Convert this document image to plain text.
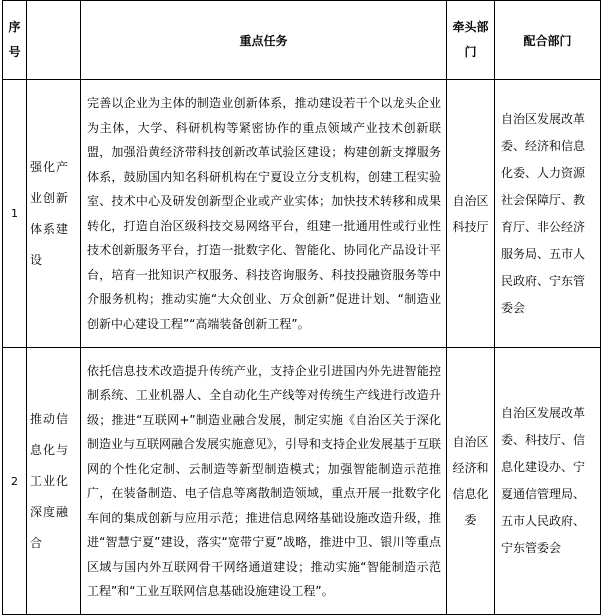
序号		重点任务	牵头部门	配合部门
1	强化产业创新体系建设	完善以企业为主体的制造业创新体系，推动建设若干个以龙头企业为主体，大学、科研机构等紧密协作的重点领域产业技术创新联盟，加强沿黄经济带科技创新改革试验区建设；构建创新支撑服务体系，鼓励国内知名科研机构在宁夏设立分支机构，创建工程实验室、技术中心及研发创新型企业或产业实体；加快技术转移和成果转化，打造自治区级科技交易网络平台，组建一批通用性或行业性技术创新服务平台，打造一批数字化、智能化、协同化产品设计平台，培育一批知识产权服务、科技咨询服务、科技投融资服务等中介服务机构；推动实施“大众创业、万众创新”促进计划、“制造业创新中心建设工程”“高端装备创新工程”。	自治区科技厅	自治区发展改革委、经济和信息化委、人力资源社会保障厅、教育厅、非公经济服务局、五市人民政府、宁东管委会
2	推动信息化与工业化深度融合	依托信息技术改造提升传统产业，支持企业引进国内外先进智能控制系统、工业机器人、全自动化生产线等对传统生产线进行改造升级；推进“互联网+”制造业融合发展，制定实施《自治区关于深化制造业与互联网融合发展实施意见》，引导和支持企业发展基于互联网的个性化定制、云制造等新型制造模式；加强智能制造示范推广，在装备制造、电子信息等离散制造领域，重点开展一批数字化车间的集成创新与应用示范；推进信息网络基础设施改造升级，推进“智慧宁夏”建设，落实“宽带宁夏”战略，推进中卫、银川等重点区域与国内外互联网骨干网络通道建设；推动实施“智能制造示范工程”和“工业互联网信息基础设施建设工程”。	自治区经济和信息化委	自治区发展改革委、科技厅、信息化建设办、宁夏通信管理局、五市人民政府、宁东管委会
